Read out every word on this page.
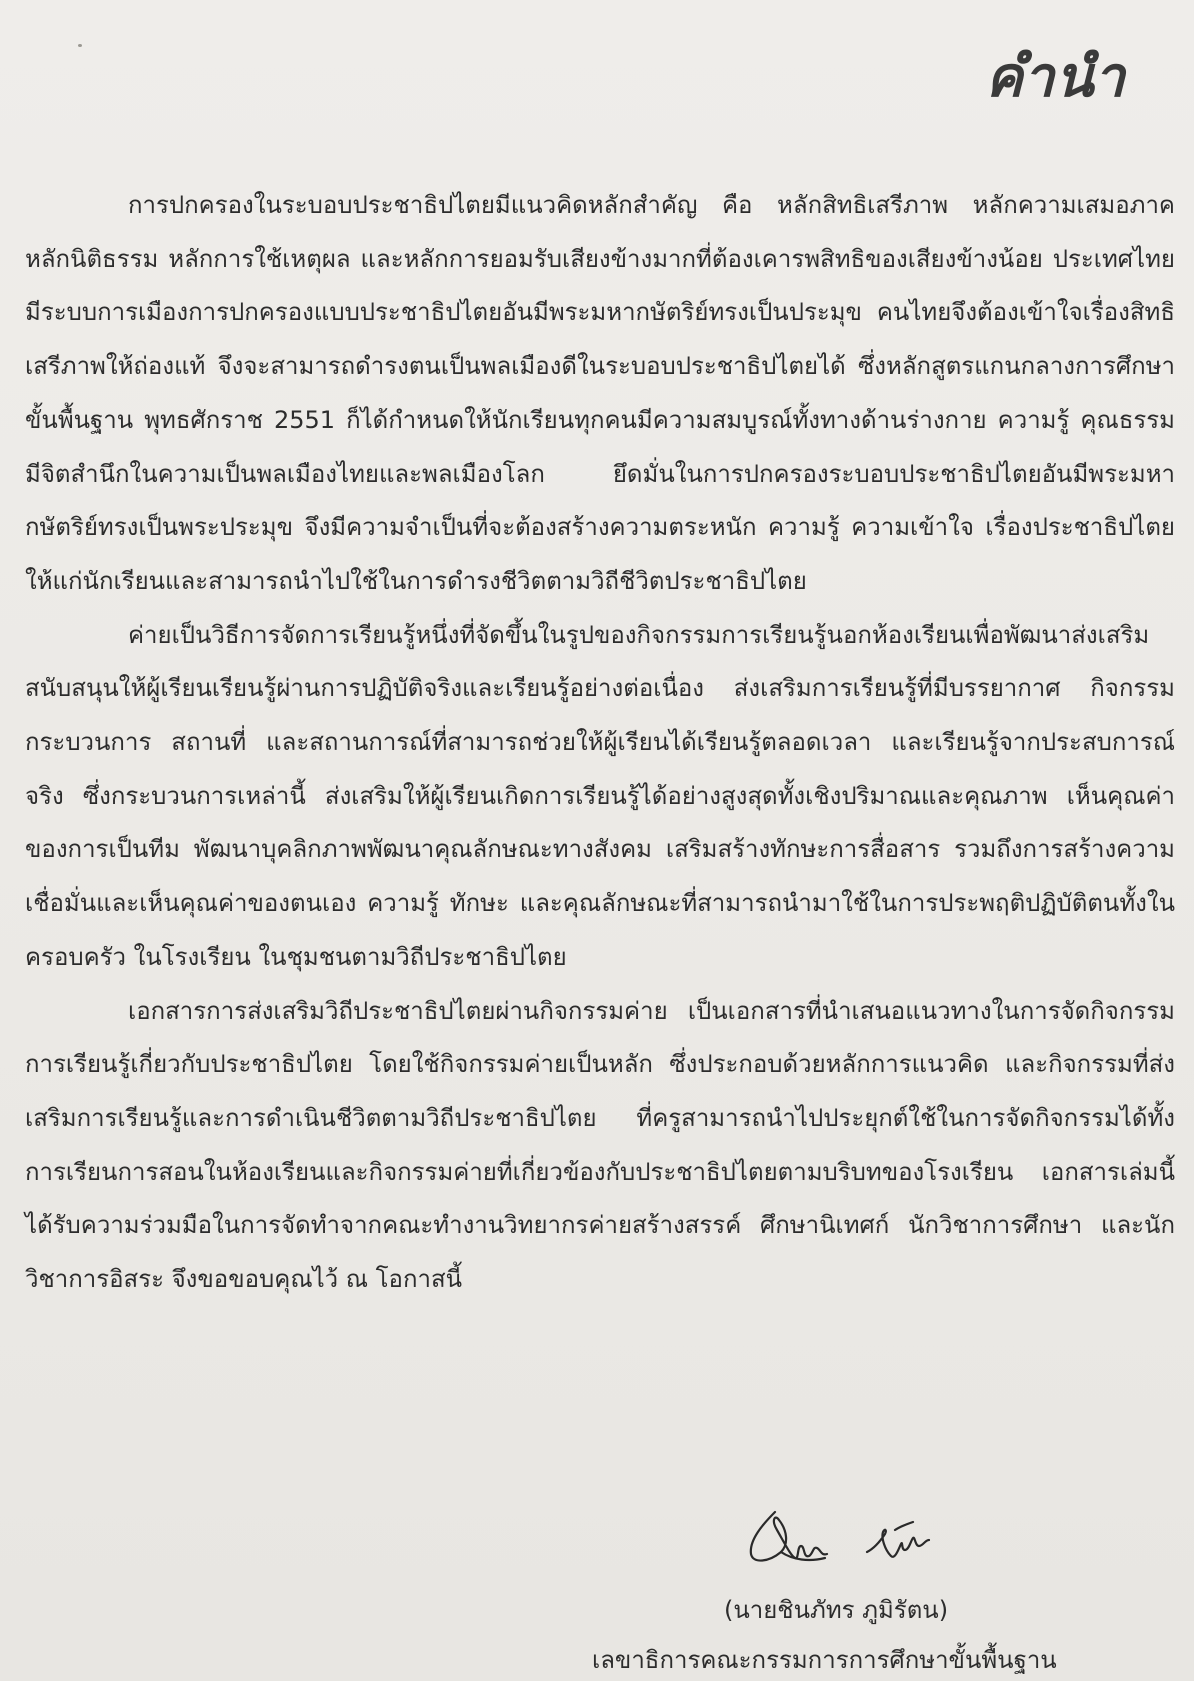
คำนำ

การปกครองในระบอบประชาธิปไตยมีแนวคิดหลักสำคัญ คือ หลักสิทธิเสรีภาพ หลักความเสมอภาค หลักนิติธรรม หลักการใช้เหตุผล และหลักการยอมรับเสียงข้างมากที่ต้องเคารพสิทธิของเสียงข้างน้อย ประเทศไทยมีระบบการเมืองการปกครองแบบประชาธิปไตยอันมีพระมหากษัตริย์ทรงเป็นประมุข คนไทยจึงต้องเข้าใจเรื่องสิทธิเสรีภาพให้ถ่องแท้ จึงจะสามารถดำรงตนเป็นพลเมืองดีในระบอบประชาธิปไตยได้ ซึ่งหลักสูตรแกนกลางการศึกษาขั้นพื้นฐาน พุทธศักราช 2551 ก็ได้กำหนดให้นักเรียนทุกคนมีความสมบูรณ์ทั้งทางด้านร่างกาย ความรู้ คุณธรรม มีจิตสำนึกในความเป็นพลเมืองไทยและพลเมืองโลก ยึดมั่นในการปกครองระบอบประชาธิปไตยอันมีพระมหากษัตริย์ทรงเป็นพระประมุข จึงมีความจำเป็นที่จะต้องสร้างความตระหนัก ความรู้ ความเข้าใจ เรื่องประชาธิปไตยให้แก่นักเรียนและสามารถนำไปใช้ในการดำรงชีวิตตามวิถีชีวิตประชาธิปไตย

ค่ายเป็นวิธีการจัดการเรียนรู้หนึ่งที่จัดขึ้นในรูปของกิจกรรมการเรียนรู้นอกห้องเรียนเพื่อพัฒนาส่งเสริมสนับสนุนให้ผู้เรียนเรียนรู้ผ่านการปฏิบัติจริงและเรียนรู้อย่างต่อเนื่อง ส่งเสริมการเรียนรู้ที่มีบรรยากาศ กิจกรรม กระบวนการ สถานที่ และสถานการณ์ที่สามารถช่วยให้ผู้เรียนได้เรียนรู้ตลอดเวลา และเรียนรู้จากประสบการณ์จริง ซึ่งกระบวนการเหล่านี้ ส่งเสริมให้ผู้เรียนเกิดการเรียนรู้ได้อย่างสูงสุดทั้งเชิงปริมาณและคุณภาพ เห็นคุณค่าของการเป็นทีม พัฒนาบุคลิกภาพพัฒนาคุณลักษณะทางสังคม เสริมสร้างทักษะการสื่อสาร รวมถึงการสร้างความเชื่อมั่นและเห็นคุณค่าของตนเอง ความรู้ ทักษะ และคุณลักษณะที่สามารถนำมาใช้ในการประพฤติปฏิบัติตนทั้งในครอบครัว ในโรงเรียน ในชุมชนตามวิถีประชาธิปไตย

เอกสารการส่งเสริมวิถีประชาธิปไตยผ่านกิจกรรมค่าย เป็นเอกสารที่นำเสนอแนวทางในการจัดกิจกรรมการเรียนรู้เกี่ยวกับประชาธิปไตย โดยใช้กิจกรรมค่ายเป็นหลัก ซึ่งประกอบด้วยหลักการแนวคิด และกิจกรรมที่ส่งเสริมการเรียนรู้และการดำเนินชีวิตตามวิถีประชาธิปไตย ที่ครูสามารถนำไปประยุกต์ใช้ในการจัดกิจกรรมได้ทั้งการเรียนการสอนในห้องเรียนและกิจกรรมค่ายที่เกี่ยวข้องกับประชาธิปไตยตามบริบทของโรงเรียน เอกสารเล่มนี้ได้รับความร่วมมือในการจัดทำจากคณะทำงานวิทยากรค่ายสร้างสรรค์ ศึกษานิเทศก์ นักวิชาการศึกษา และนักวิชาการอิสระ จึงขอขอบคุณไว้ ณ โอกาสนี้

(นายชินภัทร ภูมิรัตน)
เลขาธิการคณะกรรมการการศึกษาขั้นพื้นฐาน
